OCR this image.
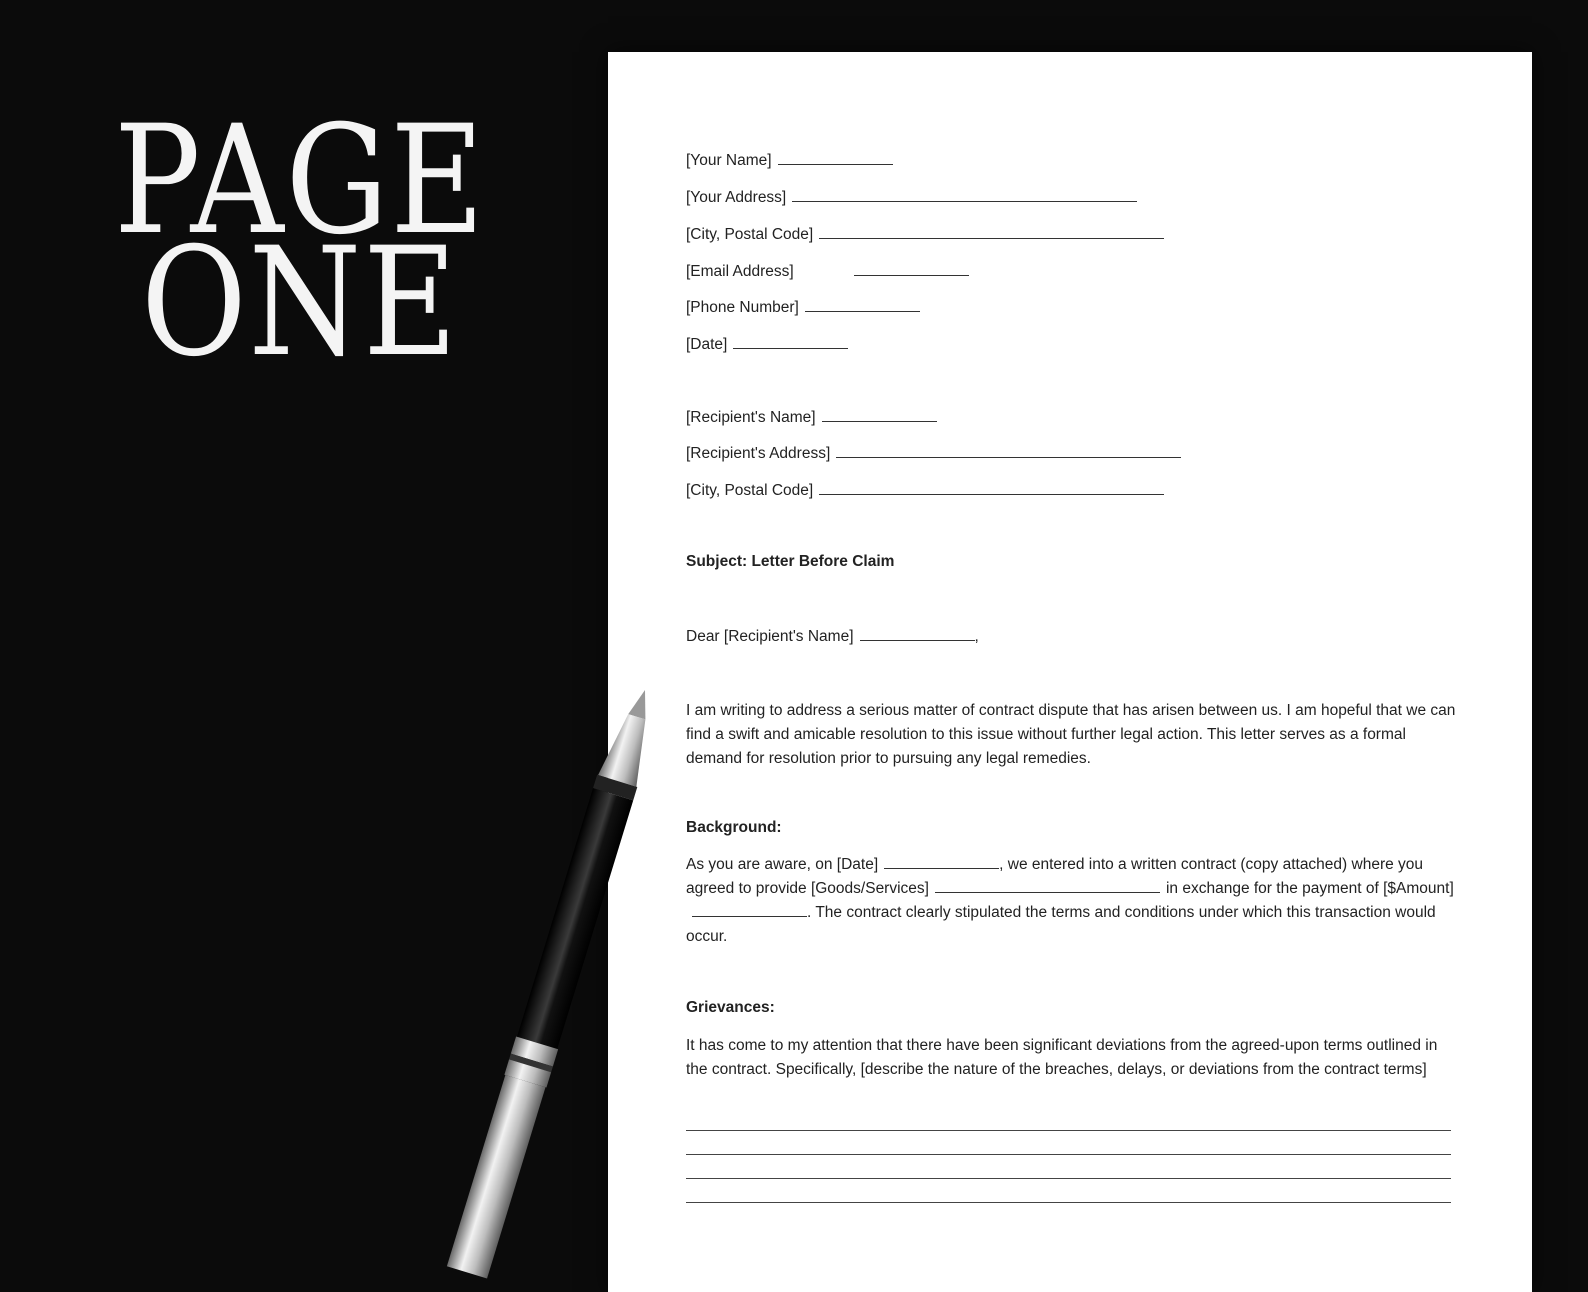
PAGE
ONE
[Your Name]
[Your Address]
[City, Postal Code]
[Email Address]
[Phone Number]
[Date]
[Recipient's Name]
[Recipient's Address]
[City, Postal Code]
Subject: Letter Before Claim
Dear [Recipient's Name]	,
I am writing to address a serious matter of contract dispute that has arisen between us. I am hopeful that we can find a swift and amicable resolution to this issue without further legal action. This letter serves as a formal demand for resolution prior to pursuing any legal remedies.
Background:
As you are aware, on [Date]	, we entered into a written contract (copy attached) where you agreed to provide [Goods/Services]	in exchange for the payment of [$Amount]. The contract clearly stipulated the terms and conditions under which this transaction would occur.
Grievances:
It has come to my attention that there have been significant deviations from the agreed-upon terms outlined in the contract. Specifically, [describe the nature of the breaches, delays, or deviations from the contract terms]
